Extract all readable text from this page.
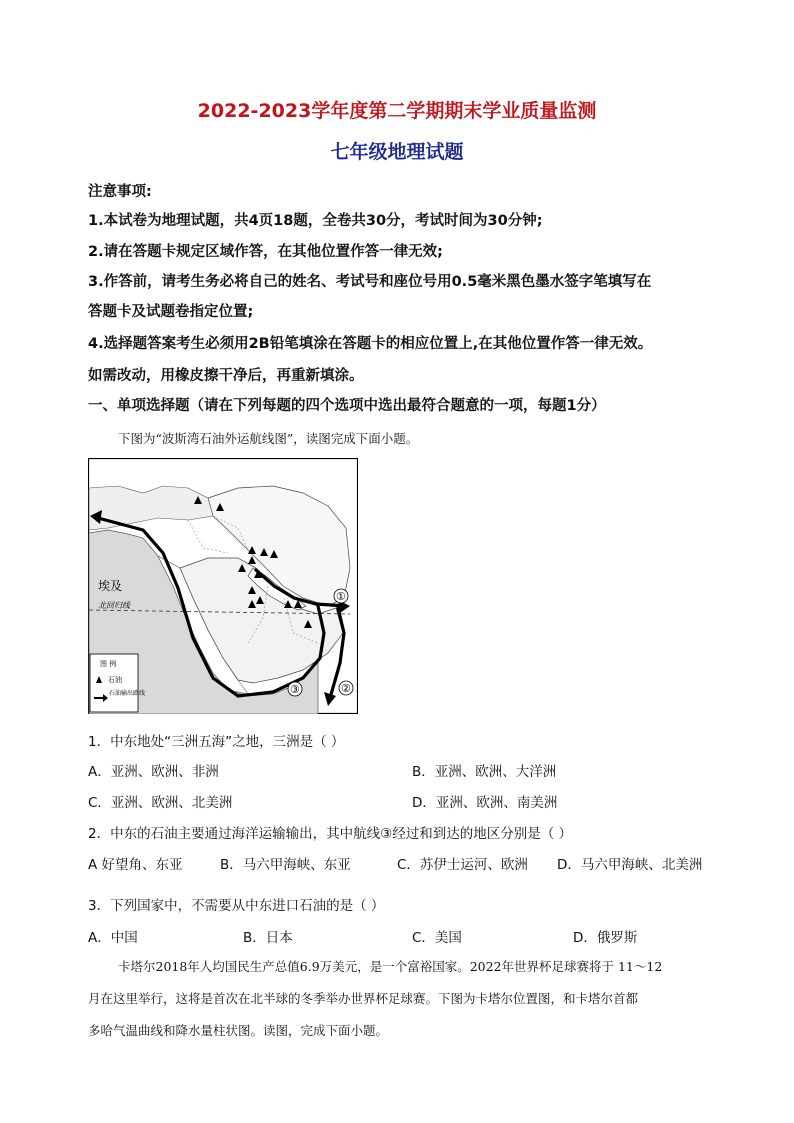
2022-2023学年度第二学期期末学业质量监测
七年级地理试题
注意事项:
1.本试卷为地理试题，共4页18题，全卷共30分，考试时间为30分钟;
2.请在答题卡规定区域作答，在其他位置作答一律无效;
3.作答前，请考生务必将自己的姓名、考试号和座位号用0.5毫米黑色墨水签字笔填写在
答题卡及试题卷指定位置;
4.选择题答案考生必须用2B铅笔填涂在答题卡的相应位置上,在其他位置作答一律无效。
如需改动，用橡皮擦干净后，再重新填涂。
一、单项选择题（请在下列每题的四个选项中选出最符合题意的一项，每题1分）
下图为“波斯湾石油外运航线图”，读图完成下面小题。
北回归线
埃及
①
②
③
图 例
石油
石油输出路线
1．中东地处“三洲五海”之地，三洲是（ ）
A．亚洲、欧洲、非洲	B．亚洲、欧洲、大洋洲
C．亚洲、欧洲、北美洲	D．亚洲、欧洲、南美洲
2．中东的石油主要通过海洋运输输出，其中航线③经过和到达的地区分别是（ ）
A 好望角、东亚	B．马六甲海峡、东亚	C．苏伊士运河、欧洲 D．马六甲海峡、北美洲
3．下列国家中，不需要从中东进口石油的是（ ）
A．中国	B．日本	C．美国	D．俄罗斯
卡塔尔2018年人均国民生产总值6.9万美元，是一个富裕国家。2022年世界杯足球赛将于 11～12
月在这里举行，这将是首次在北半球的冬季举办世界杯足球赛。下图为卡塔尔位置图，和卡塔尔首都
多哈气温曲线和降水量柱状图。读图，完成下面小题。
